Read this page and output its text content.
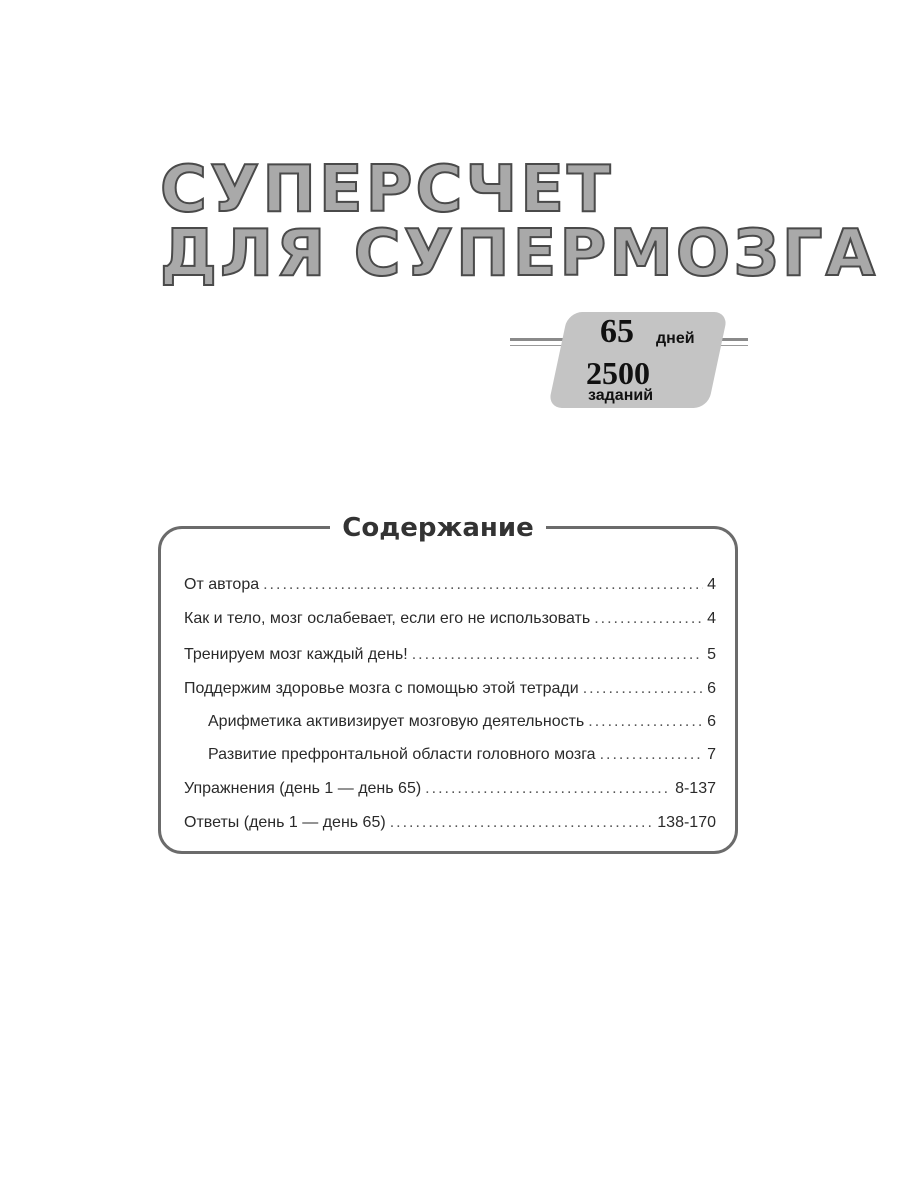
СУПЕРСЧЕТ
ДЛЯ СУПЕРМОЗГА
65 дней
2500
заданий
Содержание
От автора .....	4
Как и тело, мозг ослабевает, если его не использовать .....	4
Тренируем мозг каждый день! .....	5
Поддержим здоровье мозга с помощью этой тетради .....	6
Арифметика активизирует мозговую деятельность .....	6
Развитие префронтальной области головного мозга .....	7
Упражнения (день 1 — день 65) .....	8-137
Ответы (день 1 — день 65) .....	138-170
